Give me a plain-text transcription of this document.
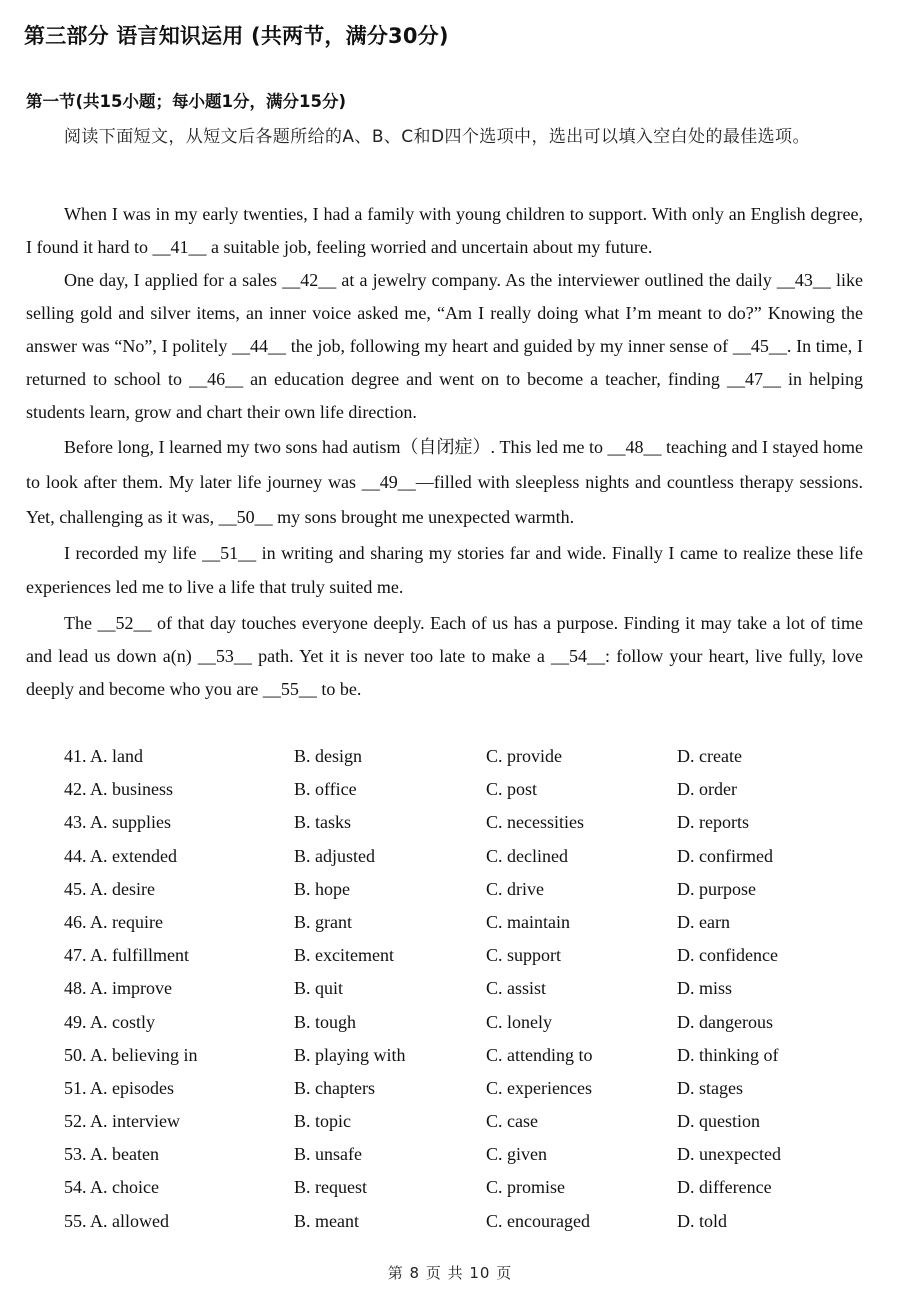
第三部分 语言知识运用 (共两节，满分30分)
第一节(共15小题；每小题1分，满分15分)

阅读下面短文，从短文后各题所给的A、B、C和D四个选项中，选出可以填入空白处的最佳选项。

When I was in my early twenties, I had a family with young children to support. With only an English degree, I found it hard to __41__ a suitable job, feeling worried and uncertain about my future.

One day, I applied for a sales __42__ at a jewelry company. As the interviewer outlined the daily __43__ like selling gold and silver items, an inner voice asked me, “Am I really doing what I’m meant to do?” Knowing the answer was “No”, I politely __44__ the job, following my heart and guided by my inner sense of __45__. In time, I returned to school to __46__ an education degree and went on to become a teacher, finding __47__ in helping students learn, grow and chart their own life direction.

Before long, I learned my two sons had autism（自闭症）. This led me to __48__ teaching and I stayed home to look after them. My later life journey was __49__—filled with sleepless nights and countless therapy sessions. Yet, challenging as it was, __50__ my sons brought me unexpected warmth.

I recorded my life __51__ in writing and sharing my stories far and wide. Finally I came to realize these life experiences led me to live a life that truly suited me.

The __52__ of that day touches everyone deeply. Each of us has a purpose. Finding it may take a lot of time and lead us down a(n) __53__ path. Yet it is never too late to make a __54__: follow your heart, live fully, love deeply and become who you are __55__ to be.

41. A. land	B. design	C. provide	D. create
42. A. business	B. office	C. post	D. order
43. A. supplies	B. tasks	C. necessities	D. reports
44. A. extended	B. adjusted	C. declined	D. confirmed
45. A. desire	B. hope	C. drive	D. purpose
46. A. require	B. grant	C. maintain	D. earn
47. A. fulfillment	B. excitement	C. support	D. confidence
48. A. improve	B. quit	C. assist	D. miss
49. A. costly	B. tough	C. lonely	D. dangerous
50. A. believing in	B. playing with	C. attending to	D. thinking of
51. A. episodes	B. chapters	C. experiences	D. stages
52. A. interview	B. topic	C. case	D. question
53. A. beaten	B. unsafe	C. given	D. unexpected
54. A. choice	B. request	C. promise	D. difference
55. A. allowed	B. meant	C. encouraged	D. told
第 8 页 共 10 页
